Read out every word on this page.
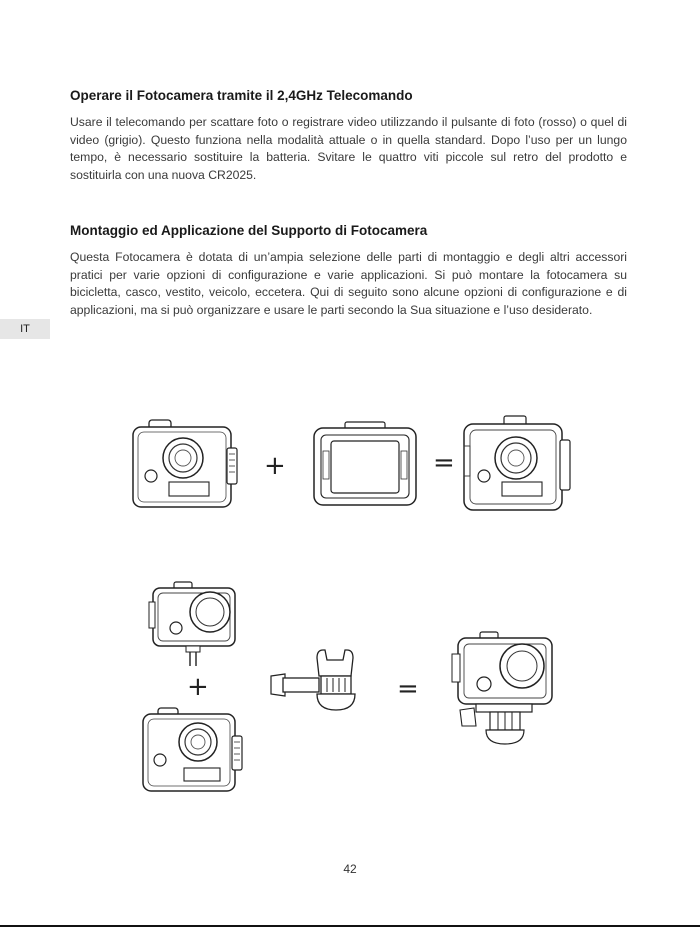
Operare il Fotocamera tramite il 2,4GHz Telecomando

Usare il telecomando per scattare foto o registrare video utilizzando il pulsante di foto (rosso) o quel di video (grigio). Questo funziona nella modalità attuale o in quella standard. Dopo l’uso per un lungo tempo, è necessario sostituire la batteria. Svitare le quattro viti piccole sul retro del prodotto e sostituirla con una nuova CR2025.

Montaggio ed Applicazione del Supporto di Fotocamera

Questa Fotocamera è dotata di un’ampia selezione delle parti di montaggio e degli altri accessori pratici per varie opzioni di configurazione e varie applicazioni. Si può montare la fotocamera su bicicletta, casco, vestito, veicolo, eccetera. Qui di seguito sono alcune opzioni di configurazione e di applicazioni, ma si può organizzare e usare le parti secondo la Sua situazione e l’uso desiderato.

IT
+	=
+	=
42
